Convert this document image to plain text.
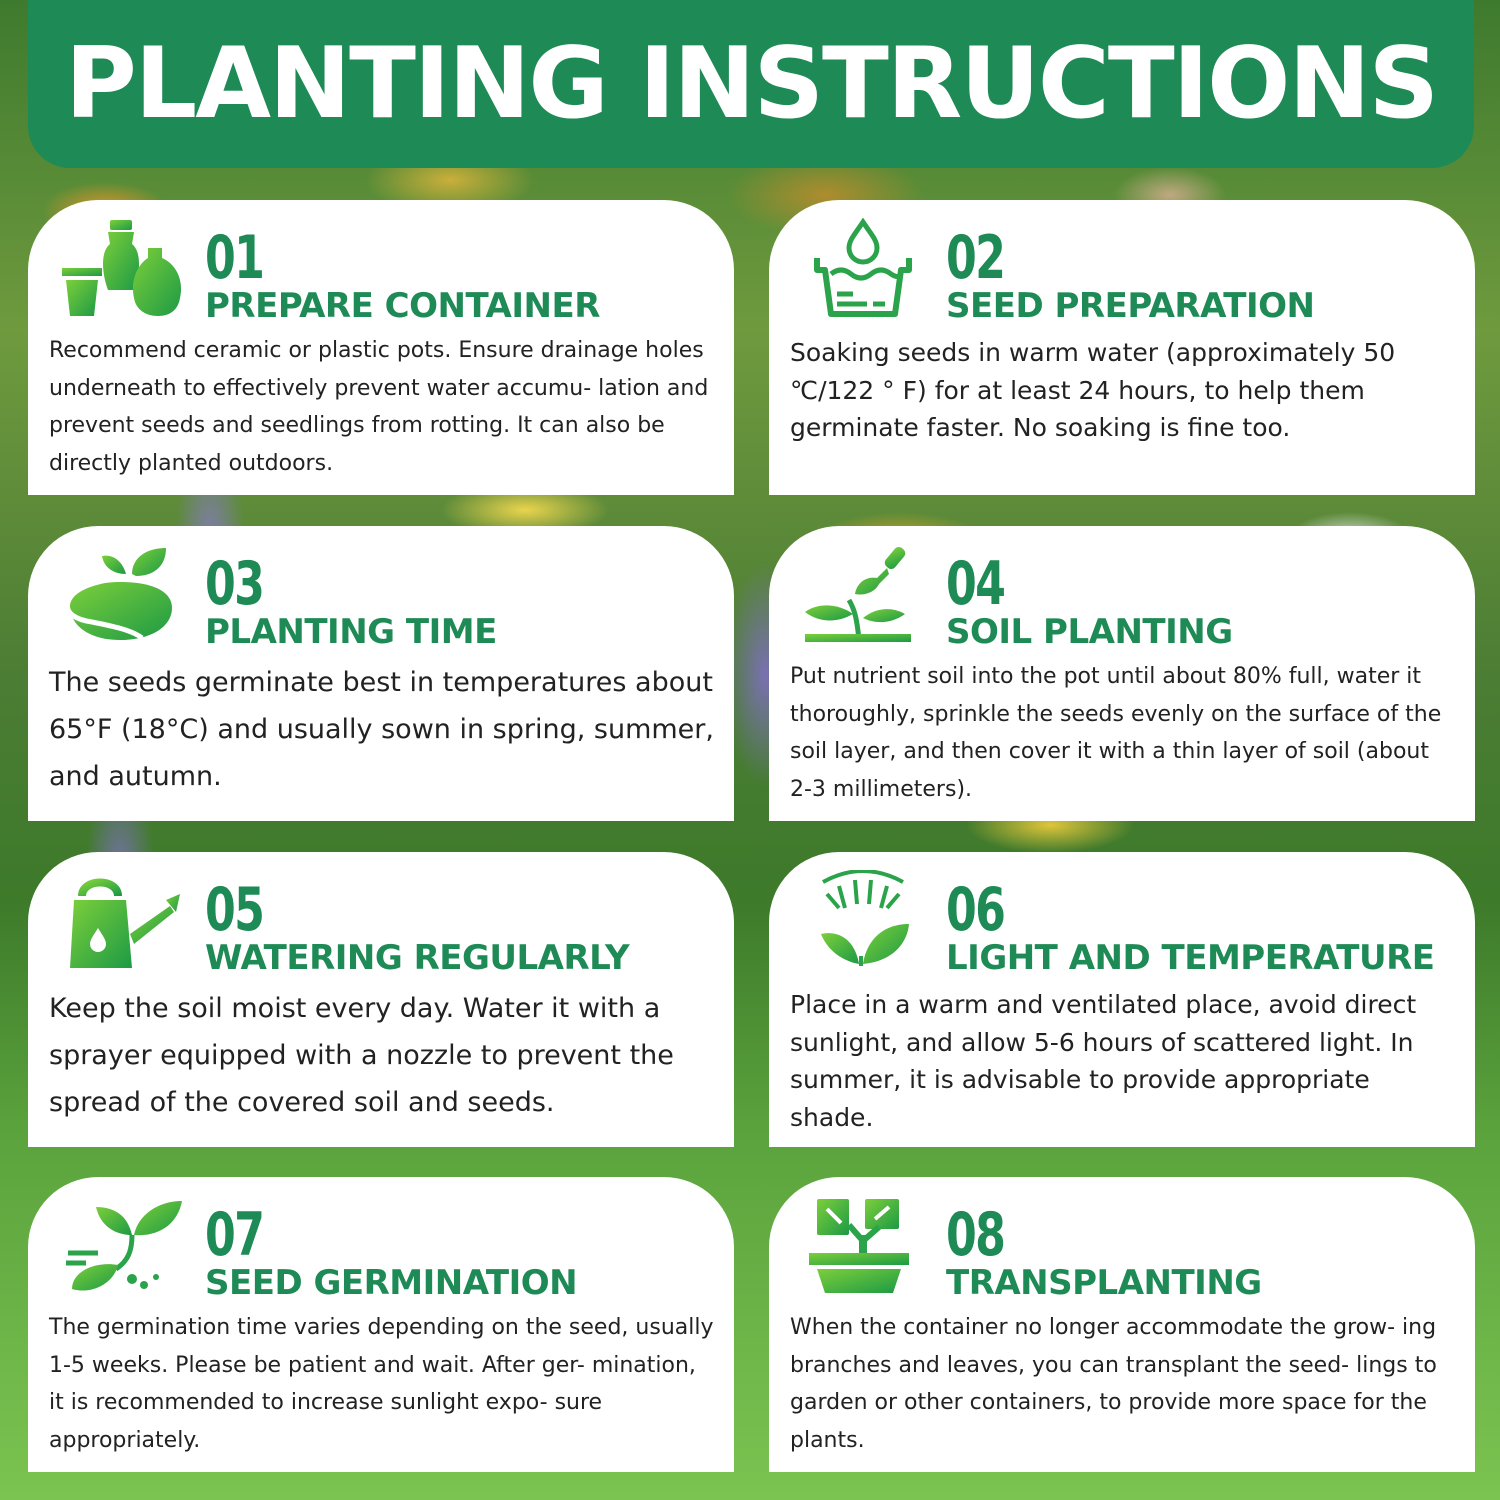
PLANTING INSTRUCTIONS
01
PREPARE CONTAINER
Recommend ceramic or plastic pots. Ensure drainage holes underneath to effectively prevent water accumu- lation and prevent seeds and seedlings from rotting. It can also be directly planted outdoors.
02
SEED PREPARATION
Soaking seeds in warm water (approximately 50 ℃/122 ° F) for at least 24 hours, to help them germinate faster. No soaking is fine too.
03
PLANTING TIME
The seeds germinate best in temperatures about 65°F (18°C) and usually sown in spring, summer, and autumn.
04
SOIL PLANTING
Put nutrient soil into the pot until about 80% full, water it thoroughly, sprinkle the seeds evenly on the surface of the soil layer, and then cover it with a thin layer of soil (about 2-3 millimeters).
05
WATERING REGULARLY
Keep the soil moist every day. Water it with a sprayer equipped with a nozzle to prevent the spread of the covered soil and seeds.
06
LIGHT AND TEMPERATURE
Place in a warm and ventilated place, avoid direct sunlight, and allow 5-6 hours of scattered light. In summer, it is advisable to provide appropriate shade.
07
SEED GERMINATION
The germination time varies depending on the seed, usually 1-5 weeks. Please be patient and wait. After ger- mination, it is recommended to increase sunlight expo- sure appropriately.
08
TRANSPLANTING
When the container no longer accommodate the grow- ing branches and leaves, you can transplant the seed- lings to garden or other containers, to provide more space for the plants.
